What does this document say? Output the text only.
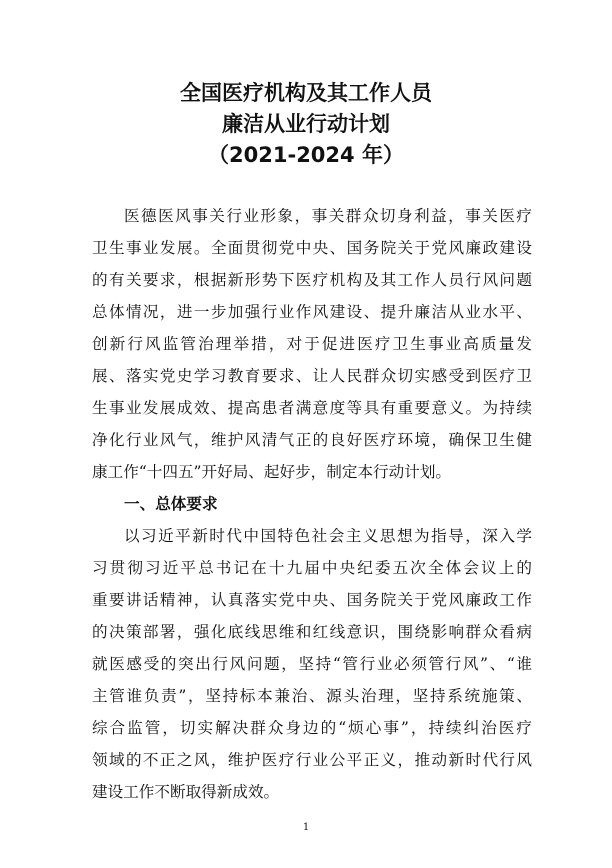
全国医疗机构及其工作人员
廉洁从业行动计划
（2021-2024 年）
医德医风事关行业形象，事关群众切身利益，事关医疗
卫生事业发展。全面贯彻党中央、国务院关于党风廉政建设
的有关要求，根据新形势下医疗机构及其工作人员行风问题
总体情况，进一步加强行业作风建设、提升廉洁从业水平、
创新行风监管治理举措，对于促进医疗卫生事业高质量发
展、落实党史学习教育要求、让人民群众切实感受到医疗卫
生事业发展成效、提高患者满意度等具有重要意义。为持续
净化行业风气，维护风清气正的良好医疗环境，确保卫生健
康工作“十四五”开好局、起好步，制定本行动计划。
一、总体要求
以习近平新时代中国特色社会主义思想为指导，深入学
习贯彻习近平总书记在十九届中央纪委五次全体会议上的
重要讲话精神，认真落实党中央、国务院关于党风廉政工作
的决策部署，强化底线思维和红线意识，围绕影响群众看病
就医感受的突出行风问题，坚持“管行业必须管行风”、“谁
主管谁负责”，坚持标本兼治、源头治理，坚持系统施策、
综合监管，切实解决群众身边的“烦心事”，持续纠治医疗
领域的不正之风，维护医疗行业公平正义，推动新时代行风
建设工作不断取得新成效。
1
